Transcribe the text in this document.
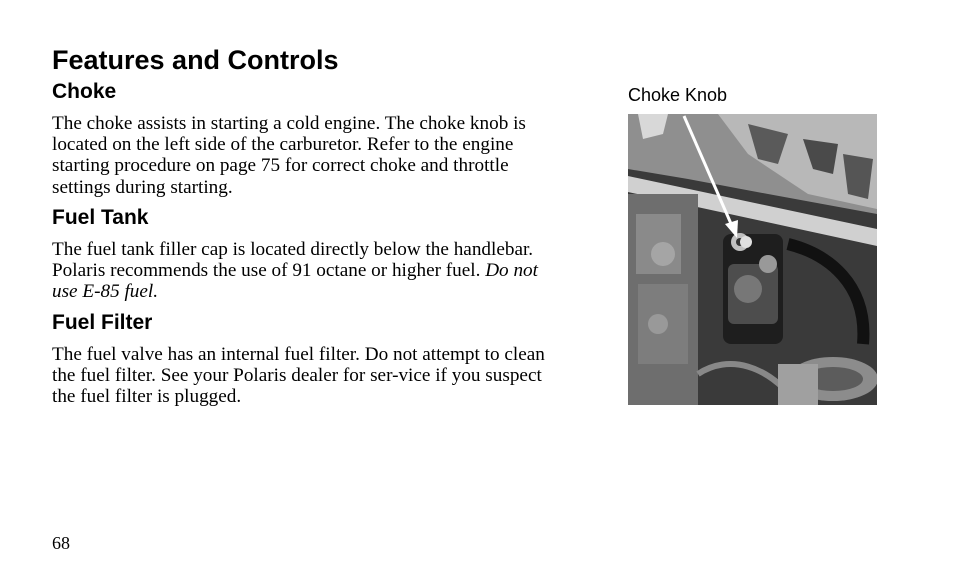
Features and Controls
Choke

The choke assists in starting a cold engine. The choke knob is located on the left side of the carburetor. Refer to the engine starting procedure on page 75 for correct choke and throttle settings during starting.

Fuel Tank

The fuel tank filler cap is located directly below the handlebar. Polaris recommends the use of 91 octane or higher fuel. Do not use E-85 fuel.

Fuel Filter

The fuel valve has an internal fuel filter. Do not attempt to clean the fuel filter. See your Polaris dealer for ser-vice if you suspect the fuel filter is plugged.

Choke Knob
68
